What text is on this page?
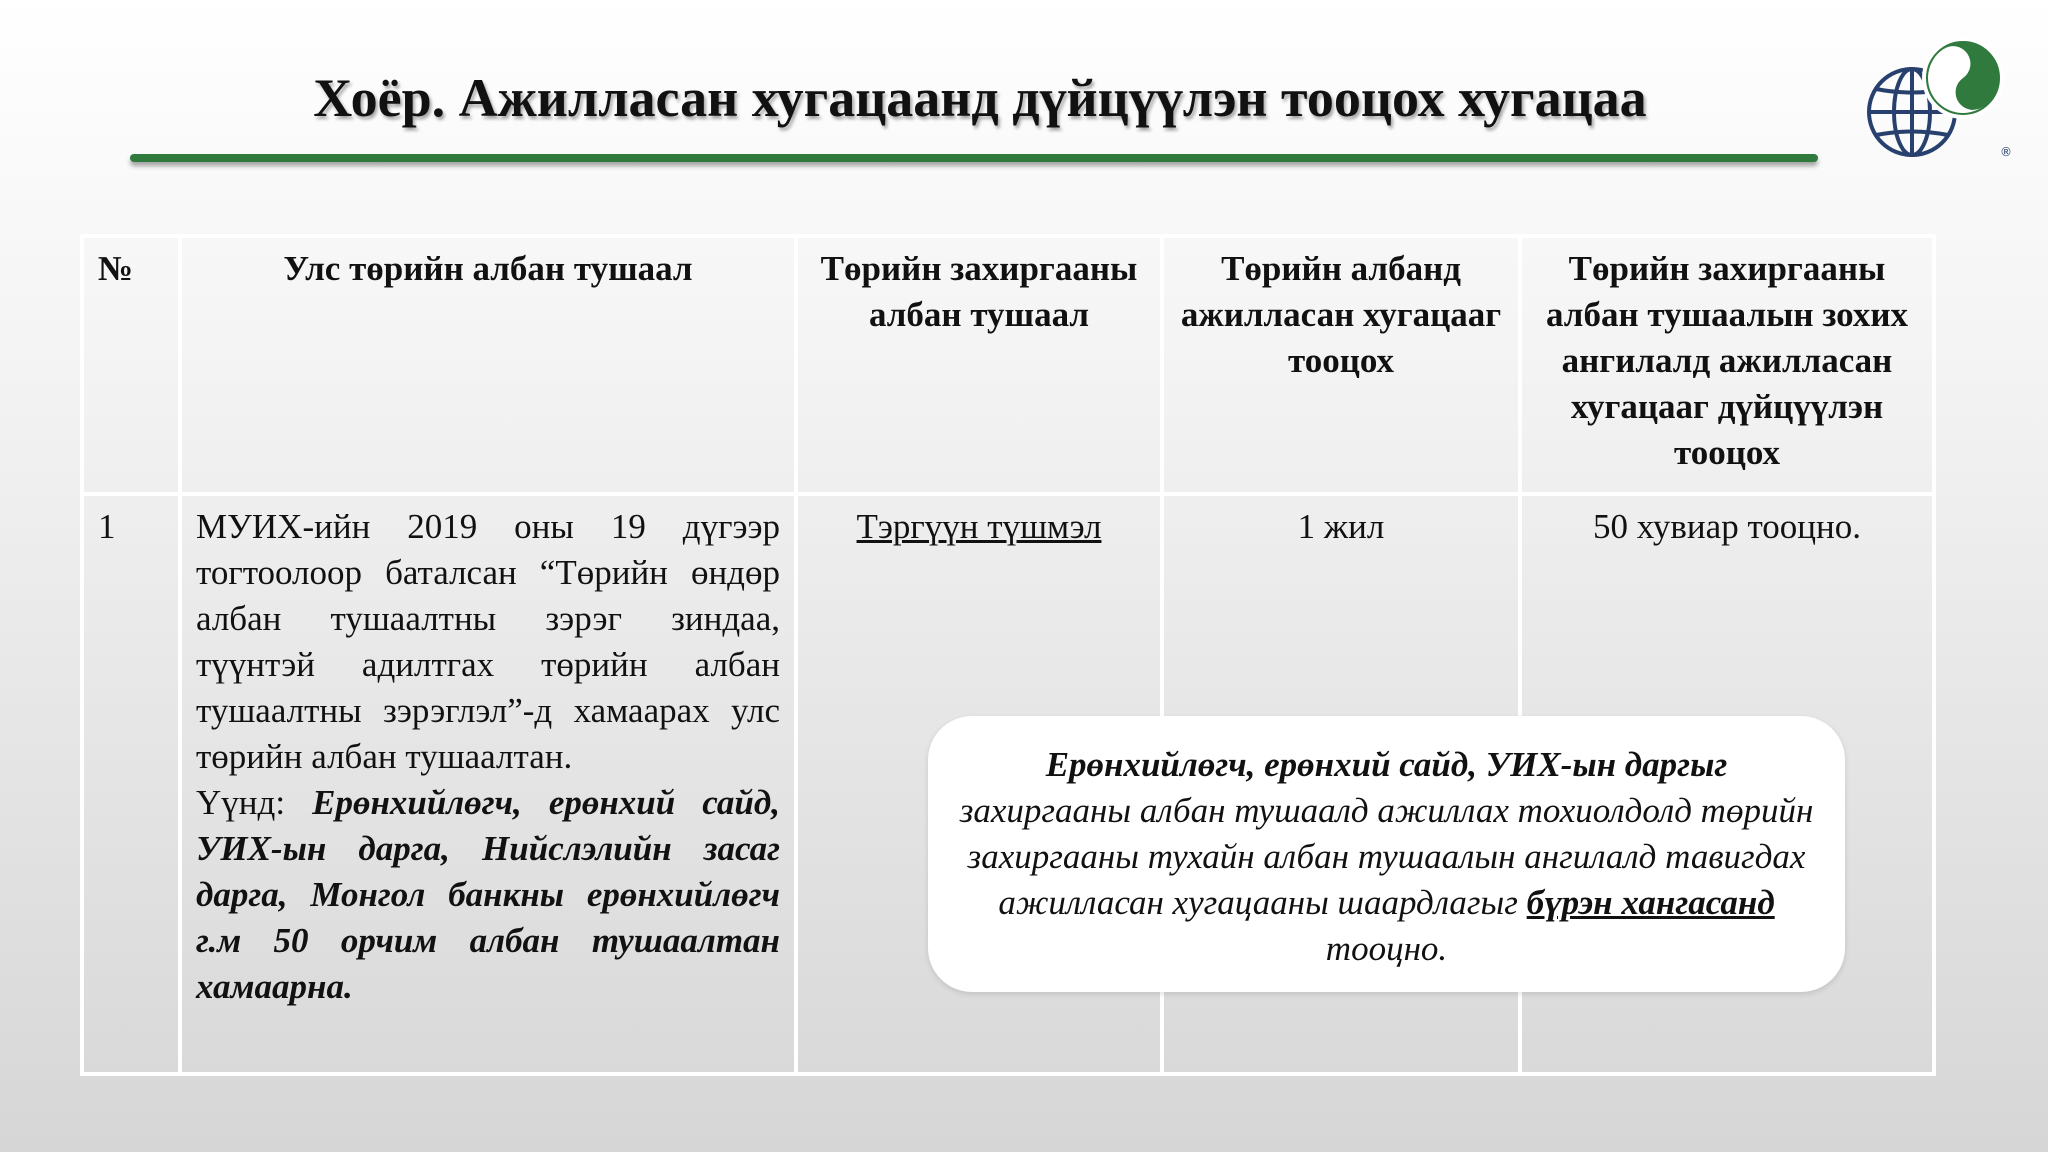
Хоёр. Ажилласан хугацаанд дүйцүүлэн тооцох хугацаа
®
№	Улс төрийн албан тушаал	Төрийн захиргааны албан тушаал	Төрийн албанд ажилласан хугацааг тооцох	Төрийн захиргааны албан тушаалын зохих ангилалд ажилласан хугацааг дүйцүүлэн тооцох
1	МУИХ-ийн 2019 оны 19 дүгээр тогтоолоор баталсан “Төрийн өндөр албан тушаалтны зэрэг зиндаа, түүнтэй адилтгах төрийн албан тушаалтны зэрэглэл”-д хамаарах улс төрийн албан тушаалтан.
Үүнд: Ерөнхийлөгч, ерөнхий сайд, УИХ-ын дарга, Нийслэлийн засаг дарга, Монгол банкны ерөнхийлөгч г.м 50 орчим албан тушаалтан хамаарна.	Тэргүүн түшмэл	1 жил	50 хувиар тооцно.
Ерөнхийлөгч, ерөнхий сайд, УИХ-ын даргыг захиргааны албан тушаалд ажиллах тохиолдолд төрийн захиргааны тухайн албан тушаалын ангилалд тавигдах ажилласан хугацааны шаардлагыг бүрэн хангасанд тооцно.
